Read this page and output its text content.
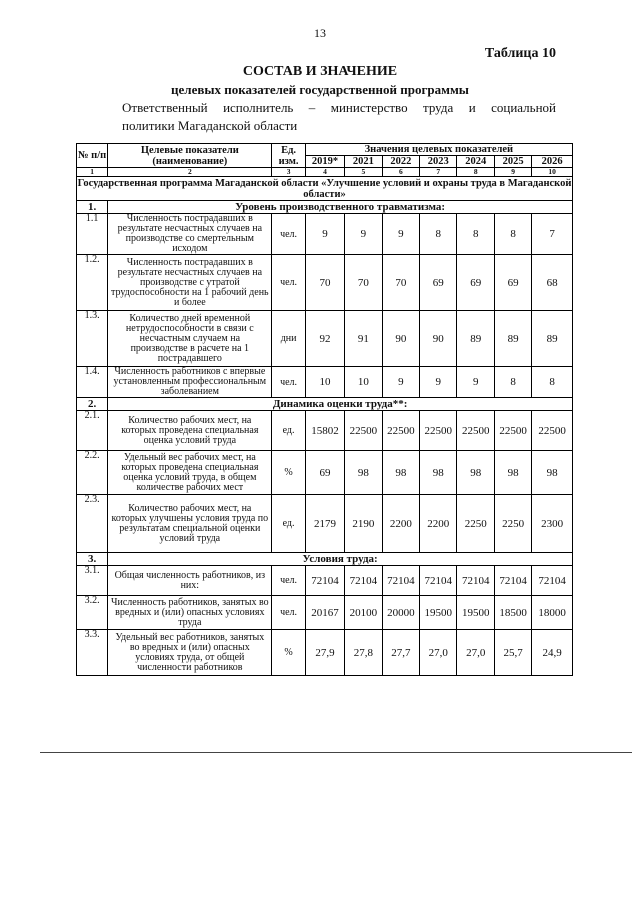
13
Таблица 10
СОСТАВ И ЗНАЧЕНИЕ
целевых показателей государственной программы
Ответственный исполнитель – министерство труда и социальной
политики Магаданской области
№ п/п	Целевые показатели (наименование)	Ед. изм.	Значения целевых показателей						
			2019*	2021	2022	2023	2024	2025	2026
1	2	3	4	5	6	7	8	9	10
Государственная программа Магаданской области «Улучшение условий и охраны труда в Магаданской области»									
1.	Уровень производственного травматизма:								
1.1	Численность пострадавших в результате несчастных случаев на производстве со смертельным исходом	чел.	9	9	9	8	8	8	7
1.2.	Численность пострадавших в результате несчастных случаев на производстве с утратой трудоспособности на 1 рабочий день и более	чел.	70	70	70	69	69	69	68
1.3.	Количество дней временной нетрудоспособности в связи с несчастным случаем на производстве в расчете на 1 пострадавшего	дни	92	91	90	90	89	89	89
1.4.	Численность работников с впервые установленным профессиональным заболеванием	чел.	10	10	9	9	9	8	8
2.	Динамика оценки труда**:								
2.1.	Количество рабочих мест, на которых проведена специальная оценка условий труда	ед.	15802	22500	22500	22500	22500	22500	22500
2.2.	Удельный вес рабочих мест, на которых проведена специальная оценка условий труда, в общем количестве рабочих мест	%	69	98	98	98	98	98	98
2.3.	Количество рабочих мест, на которых улучшены условия труда по результатам специальной оценки условий труда	ед.	2179	2190	2200	2200	2250	2250	2300
3.	Условия труда:								
3.1.	Общая численность работников, из них:	чел.	72104	72104	72104	72104	72104	72104	72104
3.2.	Численность работников, занятых во вредных и (или) опасных условиях труда	чел.	20167	20100	20000	19500	19500	18500	18000
3.3.	Удельный вес работников, занятых во вредных и (или) опасных условиях труда, от общей численности работников	%	27,9	27,8	27,7	27,0	27,0	25,7	24,9
